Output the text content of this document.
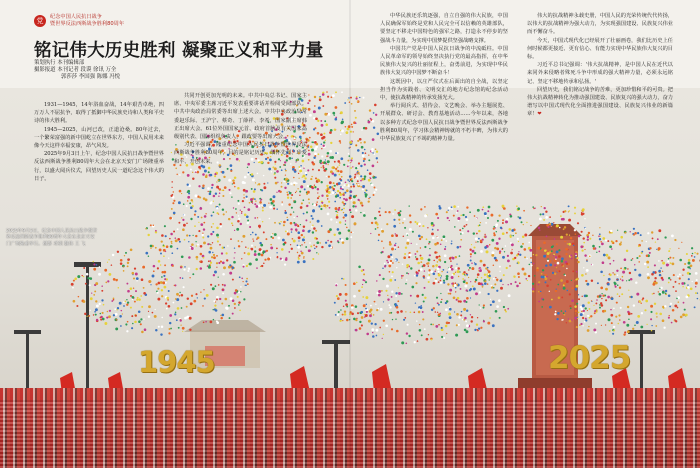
1945	2025
党	纪念中国人民抗日战争
暨世界反法西斯战争胜利80周年
铭记伟大历史胜利 凝聚正义和平力量
策划执行 本刊编辑部
摄影报道 本刊记者 段谟 徐讯 万全
　　　　　郭莎莎 李国强 陈娜 冯悦

1931—1945，14年浴血奋战，14年艰苦卓绝，四万万人不屈抗争，取得了抵御中华民族史诗和人类和平史诗的伟大胜利。

1945—2025，山河已改，正道沧桑。80年过去，一个繁荣富强的新中国屹立在世界东方，中国人民用未来像今天这样幸福安康，昂气风发。

2025年9月3日上午，纪念中国人民抗日战争暨世界反法西斯战争胜利80周年大会在北京天安门广场隆重举行，以盛大阅兵仪式，回望历史人民一道纪念这个伟大的日子。

共同开创更加光明的未来。中共中央总书记、国家主席、中央军委主席习近平发表重要讲话并检阅受阅部队。中共中央政治局常委等出席上述大会。中共中央政治局常委赵乐际、王沪宁、蔡奇、丁薛祥、李希，国家副主席韩正出席大会。61位外国国家元首、政府首脑及有关国家高级别代表、国际组织负责人，跟政要等出席大会。

习近平强调，隆重纪念中国人民抗日战争暨世界反法西斯战争胜利80周年，目的是铭记历史、缅怀先烈、珍爱和平、开创未来。

中华民族还乐筑逐强，自立自强的伟大民族，中国人民确保军始终是党和人民完全可以信赖的英雄部队，要坚定不移走中国特色的强军之路，打造永不停步的坚强战斗力量，为实现中国梦提供坚强战略支撑。

中国共产党是中国人民抗日战争的中流砥柱。中国人民革命军的领导始终坚决执行党的最高指挥，在中华民族伟大复兴的壮丽征程上，奋勇前进，为实现中华民族伟大复兴的中国梦不断奋斗！

这既因中，以庄严仪式在后面出的自全战，以坚定担当作为实践者、文明交汇的地方纪念馆的纪念活动中，使抗战精神的传承发扬光大。

举行阅兵式、招待会、文艺晚会、举办主题展览、开展群众、研讨会、教育基地活动……今年以来，各地以多种方式纪念中国人民抗日战争暨世界反法西斯战争胜利80周年，学习体会精神铸就的不朽丰碑，为伟大的中华民族复兴了不竭的精神力量。

伟大的抗战精神永载史册，中国人民的光荣传统代代传扬，以伟大的抗战精神为强大动力，为实现强国建设、民族复兴伟业而不懈奋斗。

今天，中国式现代化已经展开了壮丽画卷，我们比历史上任何时候都更接近、更有信心、有能力实现中华民族伟大复兴的目标。

习近平总书记强调：'伟大抗战精神，是中国人民在近代以来同外来侵略者殊死斗争中形成的强大精神力量，必须永远铭记、坚定不移地传承和弘扬。'

回望历史，我们铭记战争的苦难，更加珍惜和平的可贵。把伟大抗战精神转化为推动强国建设、民族复兴的强大动力，奋力谱写以中国式现代化全面推进强国建设、民族复兴伟业的新篇章！❤

2025年9月3日，纪念中国人民抗日战争暨世界反法西斯战争胜利80周年大会在北京天安门广场隆重举行。摄影 邓朝 魏伟 王 飞
